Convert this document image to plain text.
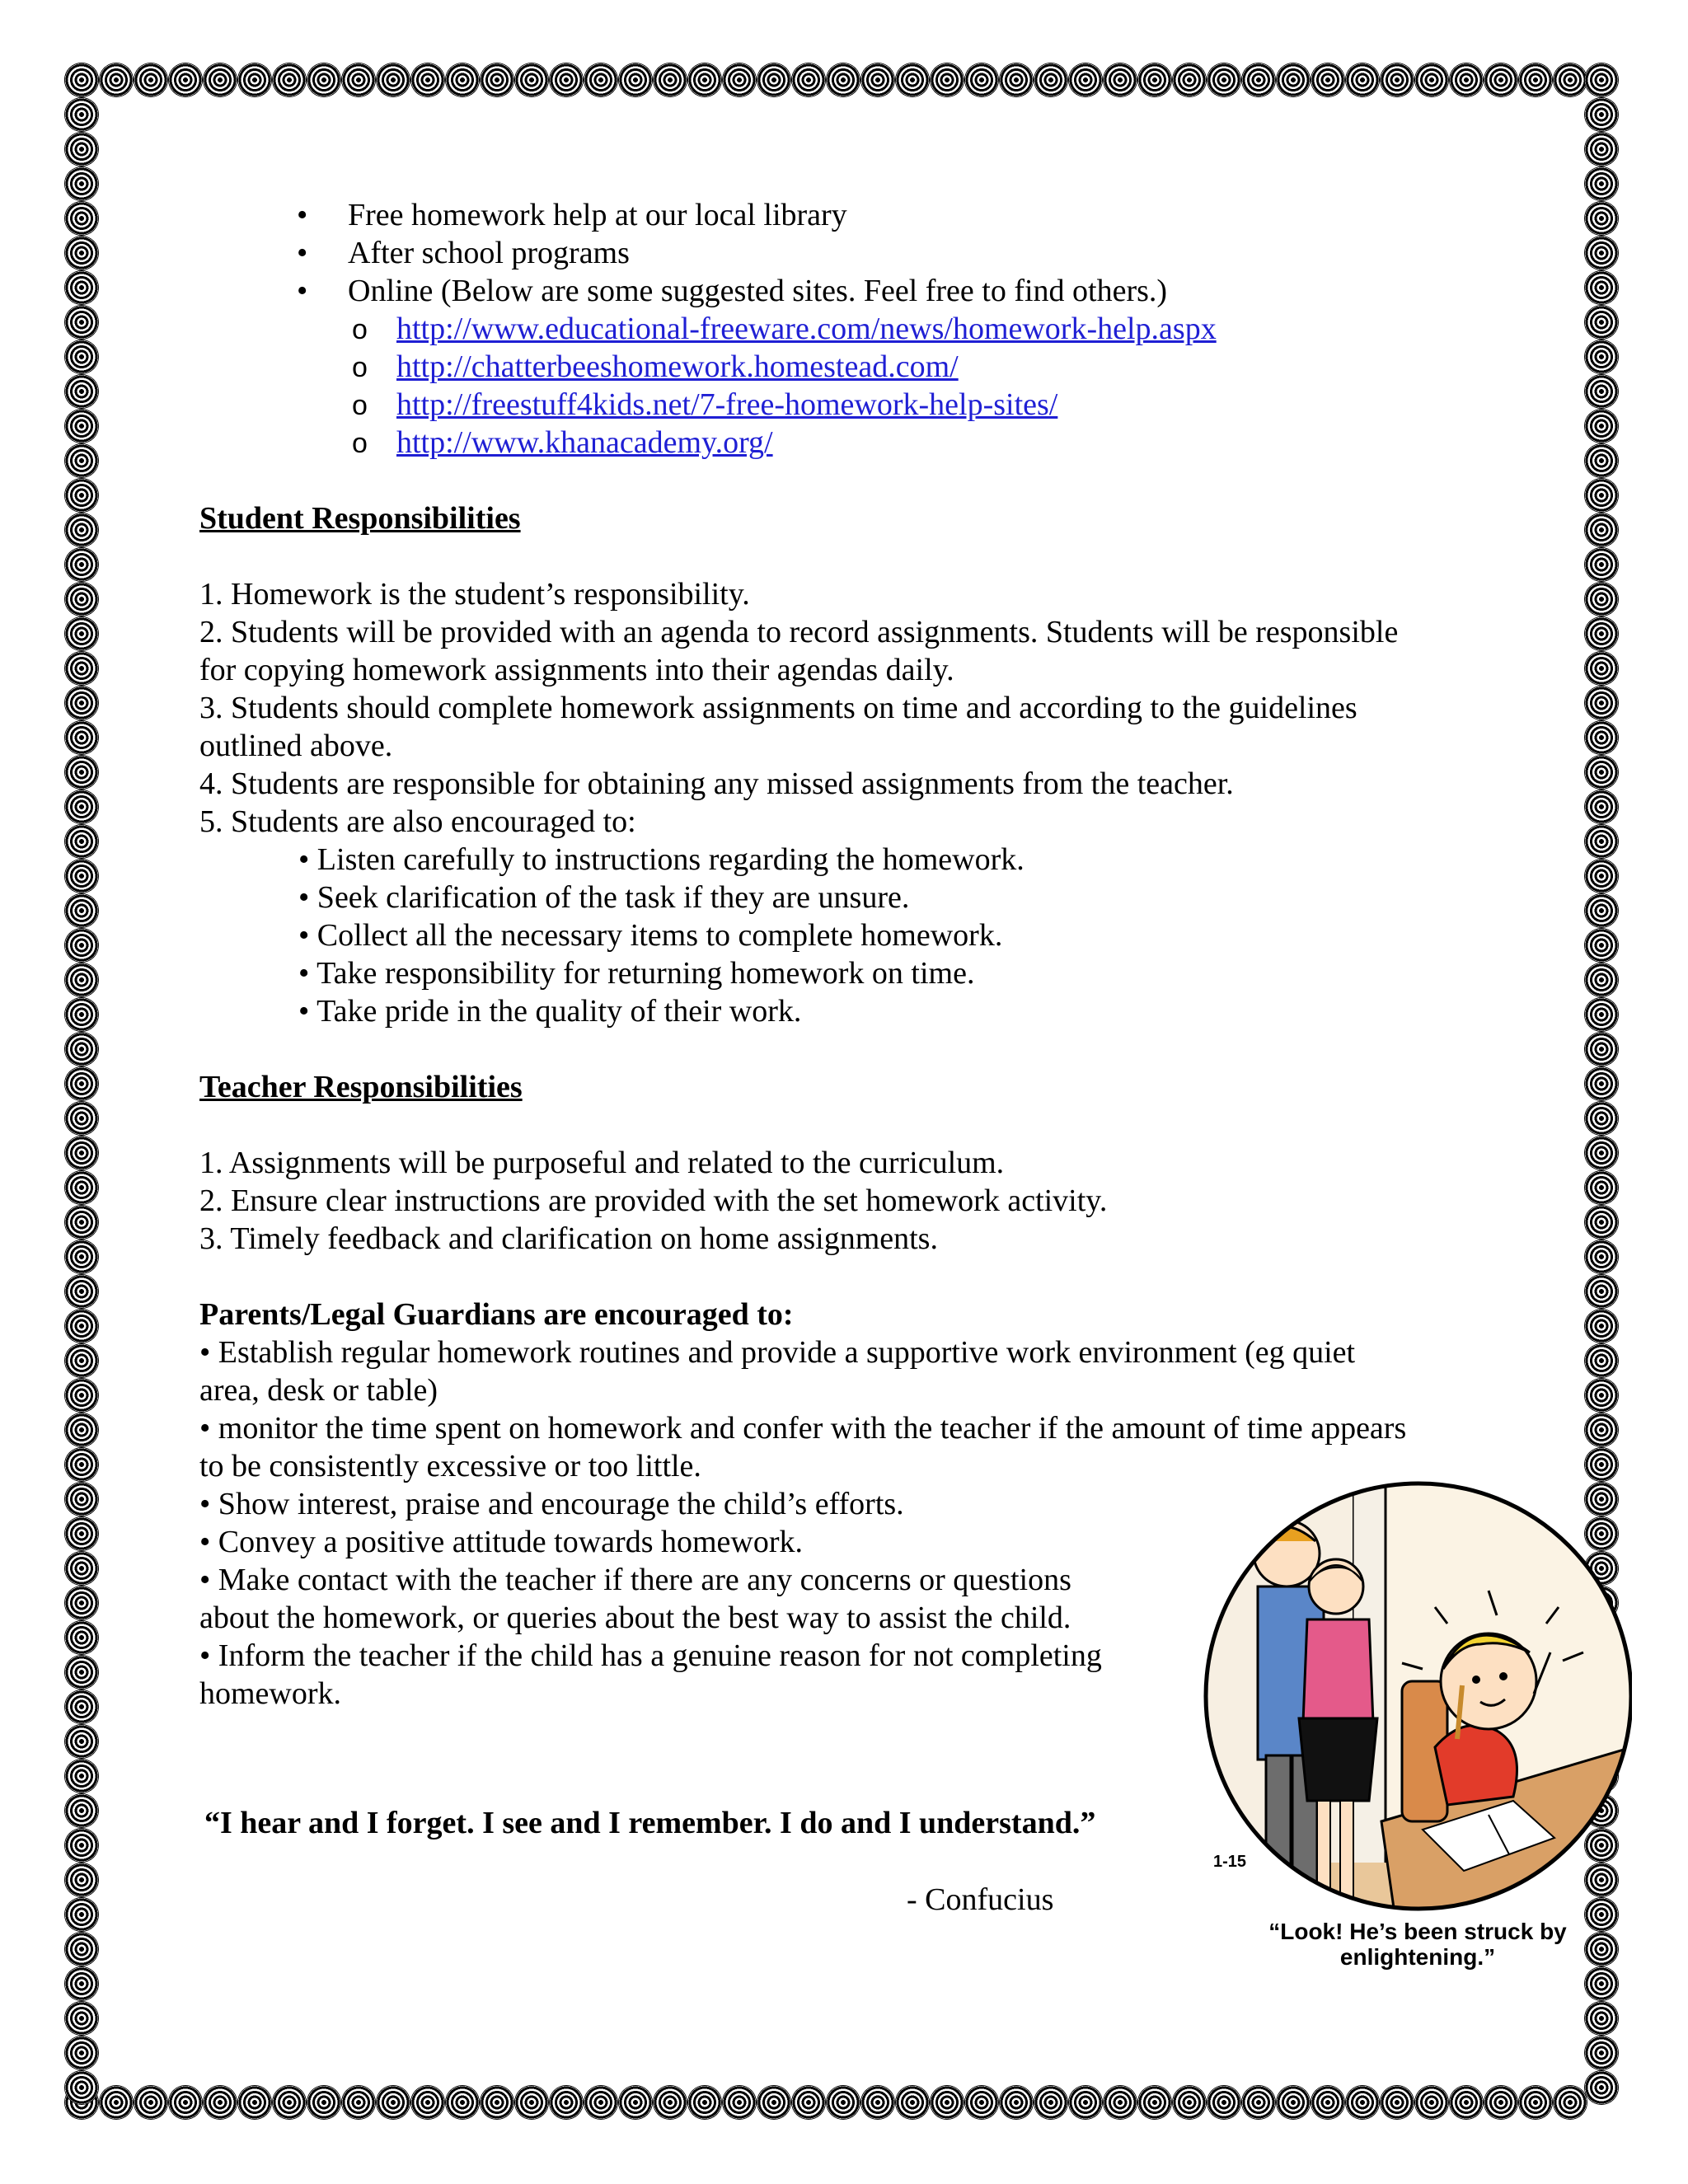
• Free homework help at our local library
• After school programs
• Online (Below are some suggested sites. Feel free to find others.)
o http://www.educational-freeware.com/news/homework-help.aspx
o http://chatterbeeshomework.homestead.com/
o http://freestuff4kids.net/7-free-homework-help-sites/
o http://www.khanacademy.org/
Student Responsibilities
1. Homework is the student’s responsibility.
2. Students will be provided with an agenda to record assignments. Students will be responsible
for copying homework assignments into their agendas daily.
3. Students should complete homework assignments on time and according to the guidelines
outlined above.
4. Students are responsible for obtaining any missed assignments from the teacher.
5. Students are also encouraged to:
• Listen carefully to instructions regarding the homework.
• Seek clarification of the task if they are unsure.
• Collect all the necessary items to complete homework.
• Take responsibility for returning homework on time.
• Take pride in the quality of their work.
Teacher Responsibilities
1. Assignments will be purposeful and related to the curriculum.
2. Ensure clear instructions are provided with the set homework activity.
3. Timely feedback and clarification on home assignments.
Parents/Legal Guardians are encouraged to:
• Establish regular homework routines and provide a supportive work environment (eg quiet
area, desk or table)
• monitor the time spent on homework and confer with the teacher if the amount of time appears
to be consistently excessive or too little.
• Show interest, praise and encourage the child’s efforts.
• Convey a positive attitude towards homework.
• Make contact with the teacher if there are any concerns or questions
about the homework, or queries about the best way to assist the child.
• Inform the teacher if the child has a genuine reason for not completing
homework.
“I hear and I forget. I see and I remember. I do and I understand.”
- Confucius
1-15
“Look! He’s been struck by
enlightening.”
